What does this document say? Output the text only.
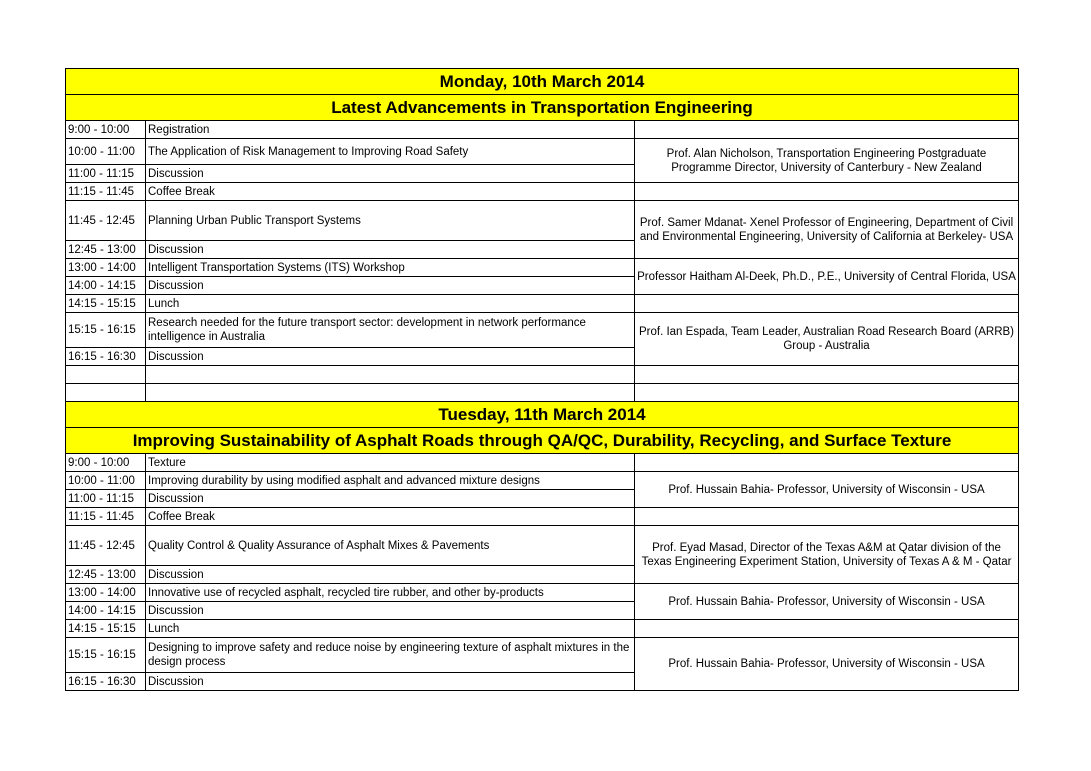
Monday, 10th March 2014		
Latest Advancements in Transportation Engineering		
9:00 - 10:00	Registration	
10:00 - 11:00	The Application of Risk Management to Improving Road Safety	Prof. Alan Nicholson, Transportation Engineering Postgraduate Programme Director, University of Canterbury - New Zealand
11:00 - 11:15	Discussion	
11:15 - 11:45	Coffee Break	
11:45 - 12:45	Planning Urban Public Transport Systems	Prof. Samer Mdanat- Xenel Professor of Engineering, Department of Civil and Environmental Engineering, University of California at Berkeley- USA
12:45 - 13:00	Discussion	
13:00 - 14:00	Intelligent Transportation Systems (ITS) Workshop	Professor Haitham Al-Deek, Ph.D., P.E., University of Central Florida, USA
14:00 - 14:15	Discussion	
14:15 - 15:15	Lunch	
15:15 - 16:15	Research needed for the future transport sector: development in network performance intelligence in Australia	Prof. Ian Espada, Team Leader, Australian Road Research Board (ARRB) Group - Australia
16:15 - 16:30	Discussion	

Tuesday, 11th March 2014		
Improving Sustainability of Asphalt Roads through QA/QC, Durability, Recycling, and Surface Texture		
9:00 - 10:00	Texture	
10:00 - 11:00	Improving durability by using modified asphalt and advanced mixture designs	Prof. Hussain Bahia- Professor, University of Wisconsin - USA
11:00 - 11:15	Discussion	
11:15 - 11:45	Coffee Break	
11:45 - 12:45	Quality Control & Quality Assurance of Asphalt Mixes & Pavements	Prof. Eyad Masad, Director of the Texas A&M at Qatar division of the Texas Engineering Experiment Station, University of Texas A & M - Qatar
12:45 - 13:00	Discussion	
13:00 - 14:00	Innovative use of recycled asphalt, recycled tire rubber, and other by-products	Prof. Hussain Bahia- Professor, University of Wisconsin - USA
14:00 - 14:15	Discussion	
14:15 - 15:15	Lunch	
15:15 - 16:15	Designing to improve safety and reduce noise by engineering texture of asphalt mixtures in the design process	Prof. Hussain Bahia- Professor, University of Wisconsin - USA
16:15 - 16:30	Discussion	
